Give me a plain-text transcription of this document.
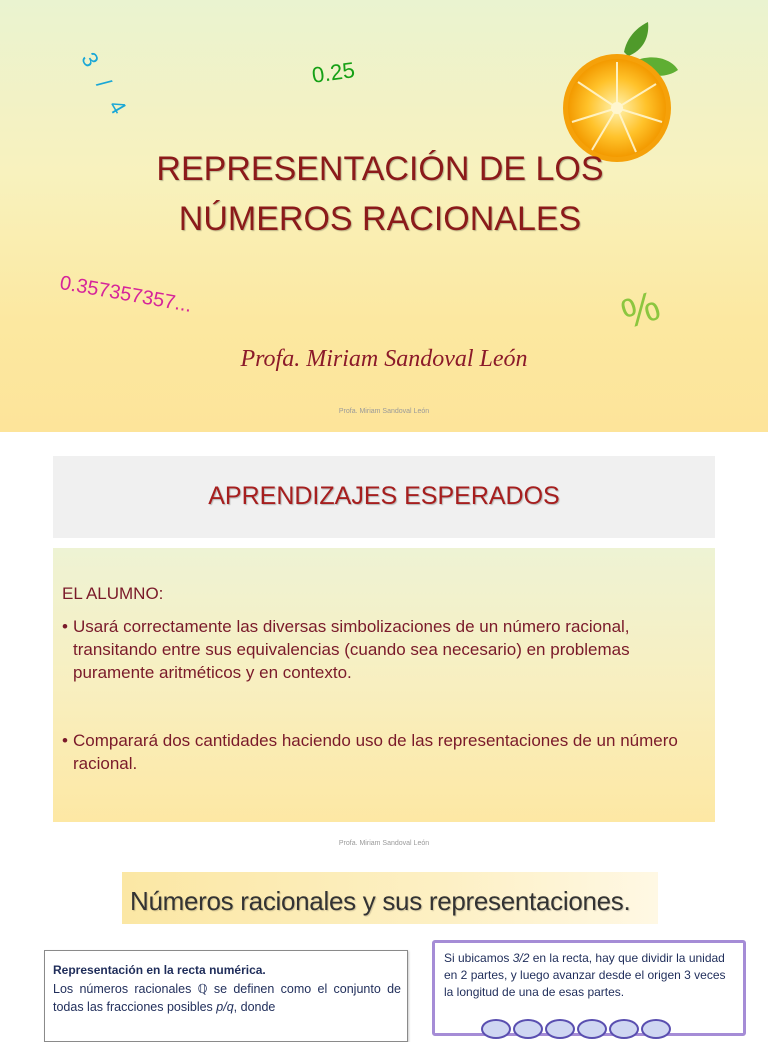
3 / 4	0.25
0.357357357...	%
REPRESENTACIÓN DE LOS
NÚMEROS RACIONALES
Profa. Miriam Sandoval León
Profa. Miriam Sandoval León
APRENDIZAJES ESPERADOS
EL ALUMNO:
• Usará correctamente las diversas simbolizaciones de un número racional, transitando entre sus equivalencias (cuando sea necesario) en problemas puramente aritméticos y en contexto.
• Comparará dos cantidades haciendo uso de las representaciones de un número racional.
Profa. Miriam Sandoval León
Números racionales y sus representaciones.
Representación en la recta numérica.
Los números racionales ℚ se definen como el conjunto de todas las fracciones posibles p/q, donde
Si ubicamos 3/2 en la recta, hay que dividir la unidad en 2 partes, y luego avanzar desde el origen 3 veces la longitud de una de esas partes.
